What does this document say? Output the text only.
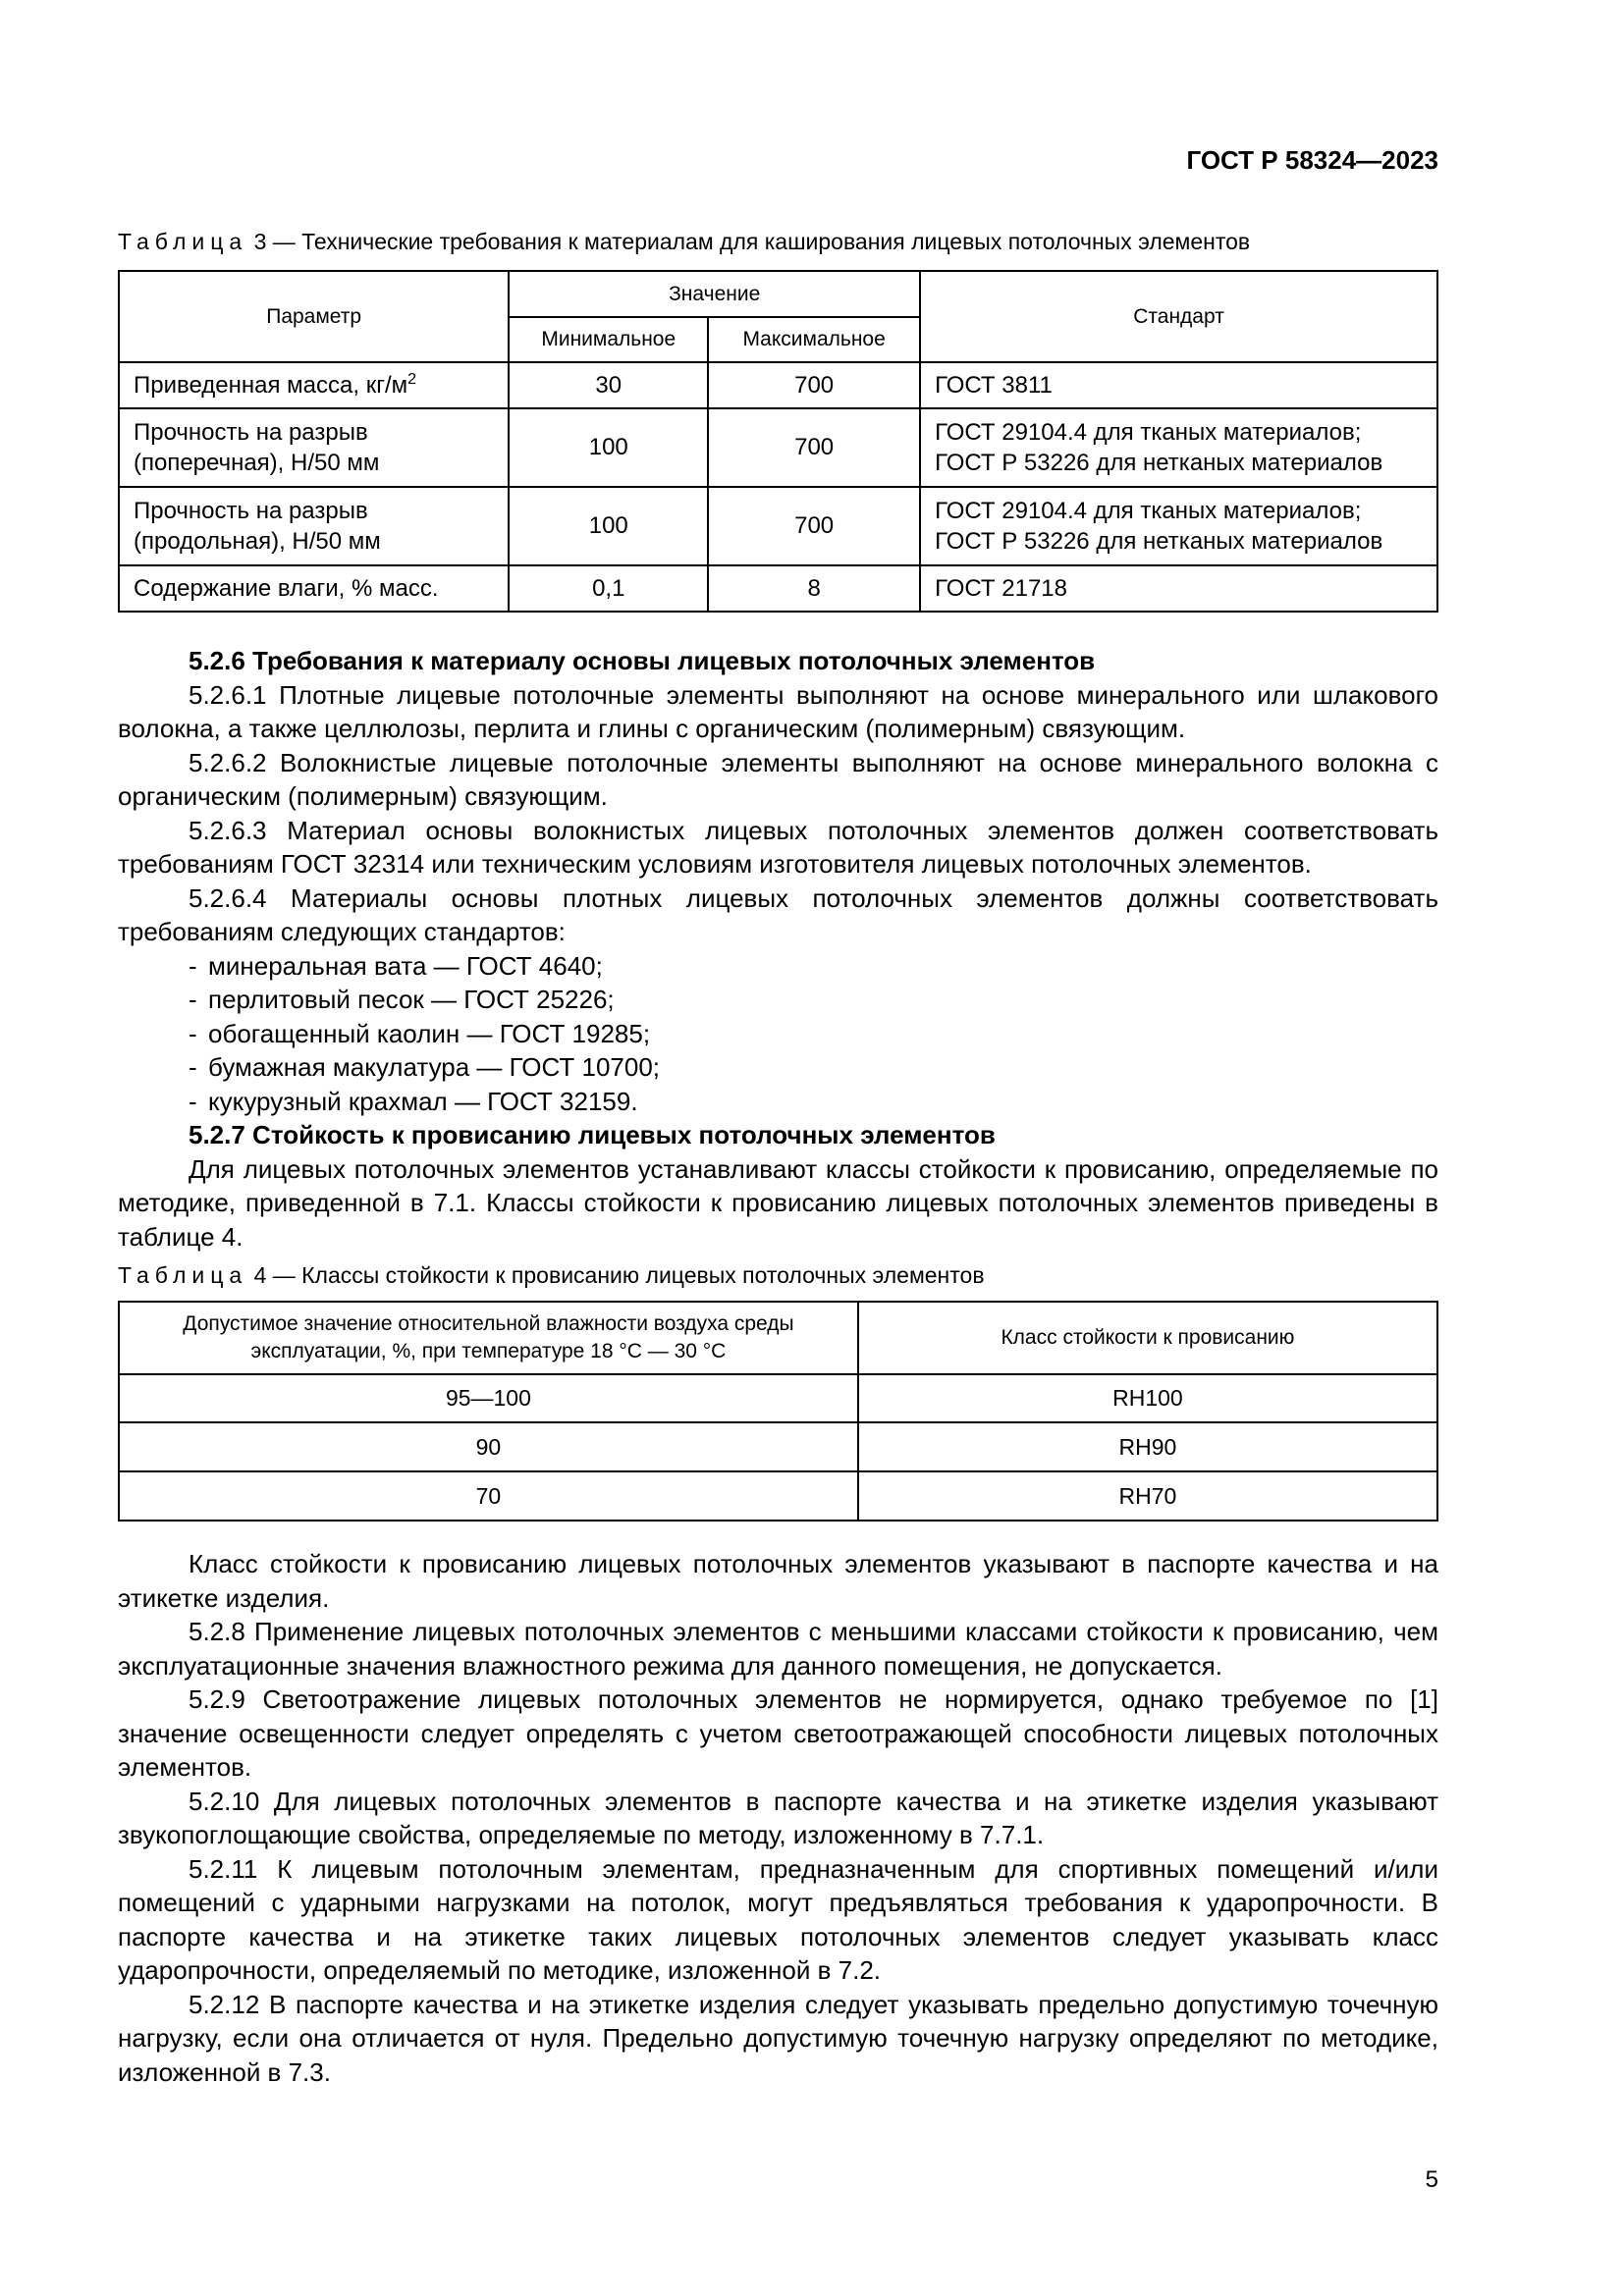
ГОСТ Р 58324—2023
Таблица 3 — Технические требования к материалам для каширования лицевых потолочных элементов
Параметр	Значение		Стандарт
	Минимальное	Максимальное	
Приведенная масса, $кг/м^2$	30	700	ГОСТ 3811
Прочность на разрыв
(поперечная), Н/50 мм	100	700	ГОСТ 29104.4 для тканых материалов;
ГОСТ Р 53226 для нетканых материалов
Прочность на разрыв
(продольная), Н/50 мм	100	700	ГОСТ 29104.4 для тканых материалов;
ГОСТ Р 53226 для нетканых материалов
Содержание влаги, % масс.	0,1	8	ГОСТ 21718

5.2.6 Требования к материалу основы лицевых потолочных элементов

5.2.6.1 Плотные лицевые потолочные элементы выполняют на основе минерального или шлакового волокна, а также целлюлозы, перлита и глины с органическим (полимерным) связующим.

5.2.6.2 Волокнистые лицевые потолочные элементы выполняют на основе минерального волокна с органическим (полимерным) связующим.

5.2.6.3 Материал основы волокнистых лицевых потолочных элементов должен соответствовать требованиям ГОСТ 32314 или техническим условиям изготовителя лицевых потолочных элементов.

5.2.6.4 Материалы основы плотных лицевых потолочных элементов должны соответствовать требованиям следующих стандартов:

- минеральная вата — ГОСТ 4640;

- перлитовый песок — ГОСТ 25226;

- обогащенный каолин — ГОСТ 19285;

- бумажная макулатура — ГОСТ 10700;

- кукурузный крахмал — ГОСТ 32159.

5.2.7 Стойкость к провисанию лицевых потолочных элементов

Для лицевых потолочных элементов устанавливают классы стойкости к провисанию, определяемые по методике, приведенной в 7.1. Классы стойкости к провисанию лицевых потолочных элементов приведены в таблице 4.

Таблица 4 — Классы стойкости к провисанию лицевых потолочных элементов
Допустимое значение относительной влажности воздуха среды
эксплуатации, %, при температуре 18 °С — 30 °С	Класс стойкости к провисанию
95—100	RH100
90	RH90
70	RH70

Класс стойкости к провисанию лицевых потолочных элементов указывают в паспорте качества и на этикетке изделия.

5.2.8 Применение лицевых потолочных элементов с меньшими классами стойкости к провисанию, чем эксплуатационные значения влажностного режима для данного помещения, не допускается.

5.2.9 Светоотражение лицевых потолочных элементов не нормируется, однако требуемое по [1] значение освещенности следует определять с учетом светоотражающей способности лицевых потолочных элементов.

5.2.10 Для лицевых потолочных элементов в паспорте качества и на этикетке изделия указывают звукопоглощающие свойства, определяемые по методу, изложенному в 7.7.1.

5.2.11 К лицевым потолочным элементам, предназначенным для спортивных помещений и/или помещений с ударными нагрузками на потолок, могут предъявляться требования к ударопрочности. В паспорте качества и на этикетке таких лицевых потолочных элементов следует указывать класс ударопрочности, определяемый по методике, изложенной в 7.2.

5.2.12 В паспорте качества и на этикетке изделия следует указывать предельно допустимую точечную нагрузку, если она отличается от нуля. Предельно допустимую точечную нагрузку определяют по методике, изложенной в 7.3.

5
